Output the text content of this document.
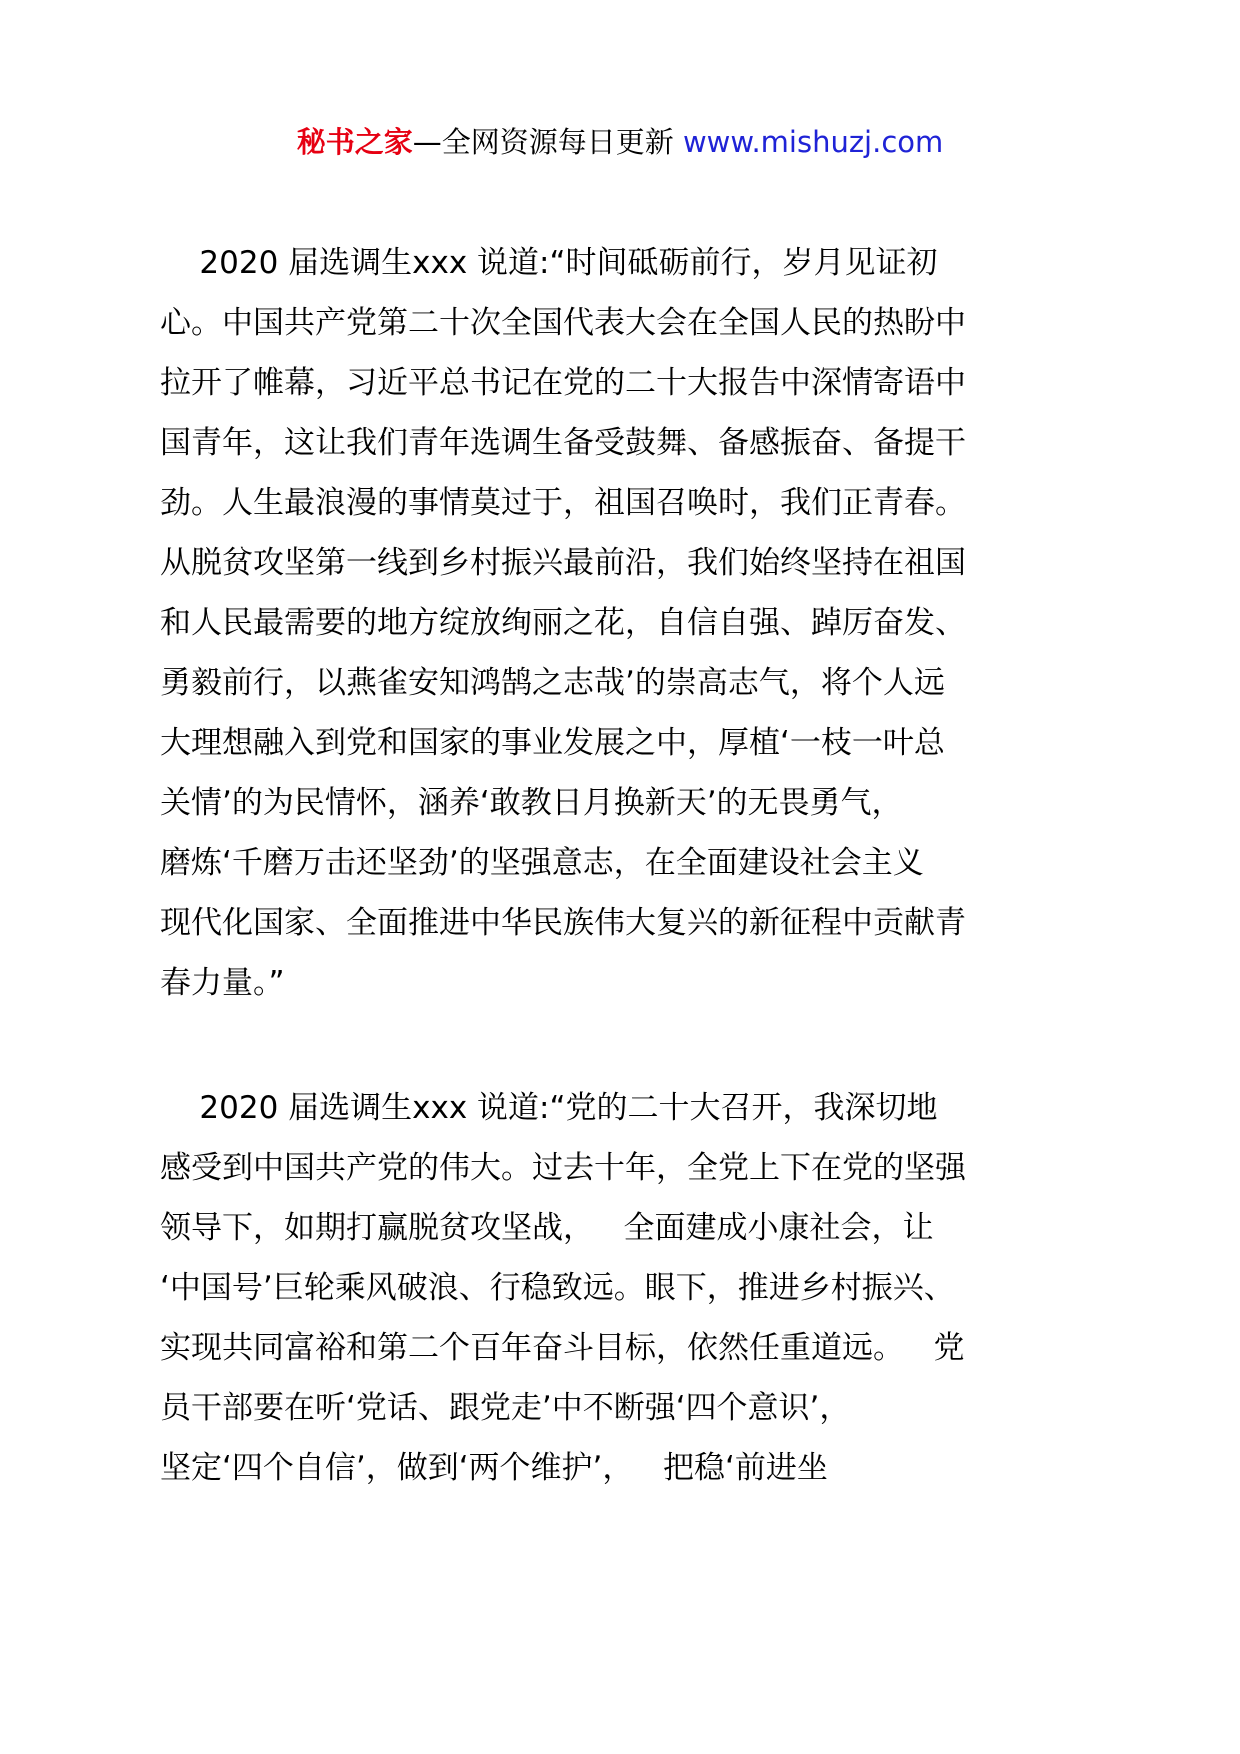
秘书之家—全网资源每日更新 www.mishuzj.com
2020 届选调生xxx 说道:“时间砥砺前行，岁月见证初
心。中国共产党第二十次全国代表大会在全国人民的热盼中
拉开了帷幕，习近平总书记在党的二十大报告中深情寄语中
国青年，这让我们青年选调生备受鼓舞、备感振奋、备提干
劲。人生最浪漫的事情莫过于，祖国召唤时，我们正青春。
从脱贫攻坚第一线到乡村振兴最前沿，我们始终坚持在祖国
和人民最需要的地方绽放绚丽之花，自信自强、踔厉奋发、
勇毅前行，以燕雀安知鸿鹄之志哉’的崇高志气，将个人远
大理想融入到党和国家的事业发展之中，厚植‘一枝一叶总
关情’的为民情怀，涵养‘敢教日月换新天’的无畏勇气，
磨炼‘千磨万击还坚劲’的坚强意志，在全面建设社会主义
现代化国家、全面推进中华民族伟大复兴的新征程中贡献青
春力量。”
2020 届选调生xxx 说道:“党的二十大召开，我深切地
感受到中国共产党的伟大。过去十年，全党上下在党的坚强
领导下，如期打赢脱贫攻坚战，   全面建成小康社会，让
‘中国号’巨轮乘风破浪、行稳致远。眼下，推进乡村振兴、
实现共同富裕和第二个百年奋斗目标，依然任重道远。   党
员干部要在听‘党话、跟党走’中不断强‘四个意识’，
坚定‘四个自信’，做到‘两个维护’，   把稳‘前进坐
